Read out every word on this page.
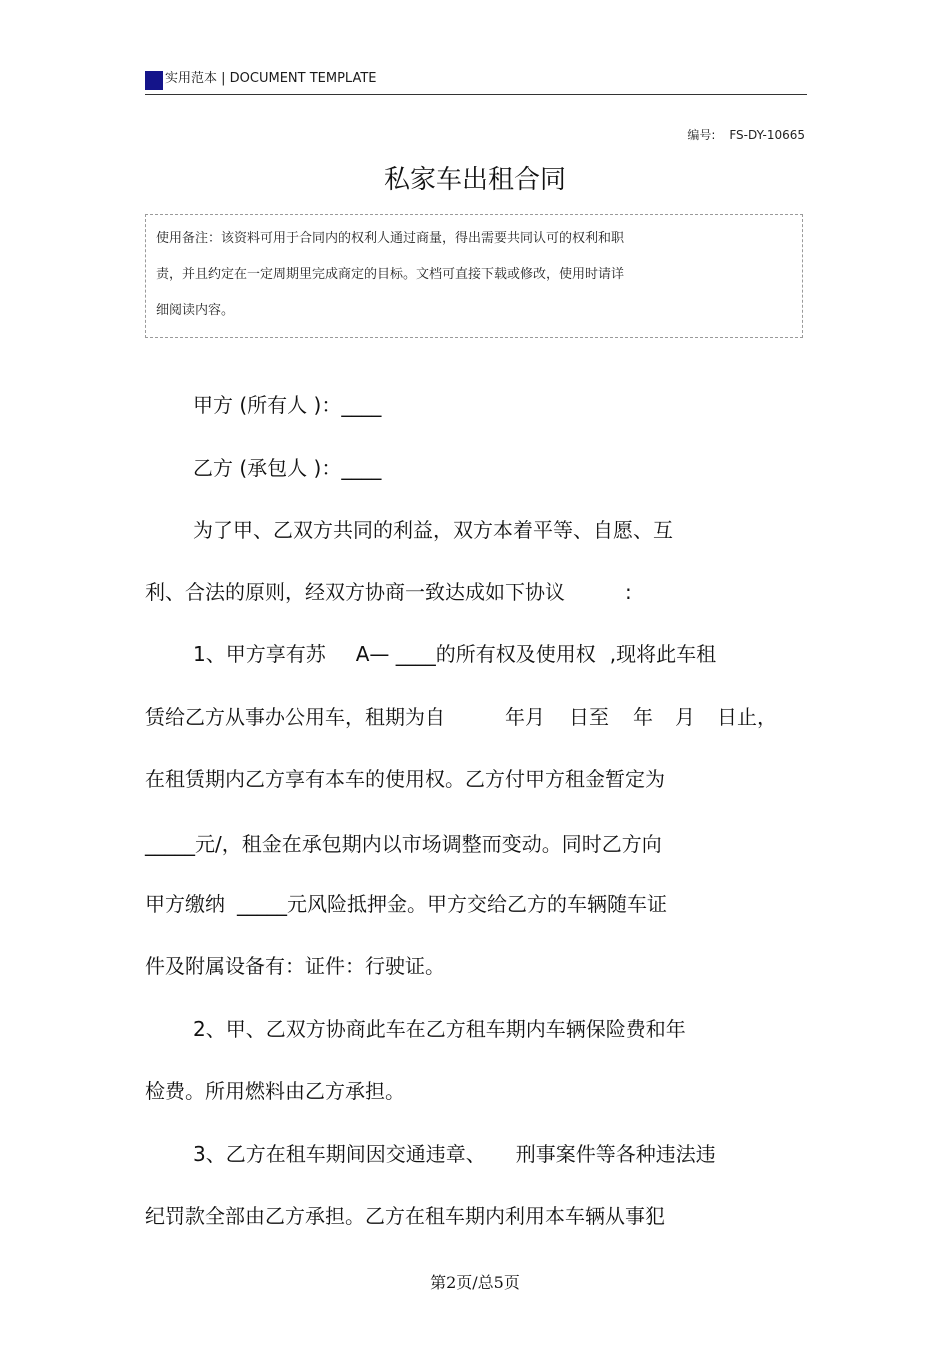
实用范本 | DOCUMENT TEMPLATE
编号: FS-DY-10665
私家车出租合同
使用备注：该资料可用于合同内的权利人通过商量，得出需要共同认可的权利和职
责，并且约定在一定周期里完成商定的目标。文档可直接下载或修改，使用时请详
细阅读内容。
甲方 (所有人 )：____
乙方 (承包人 )：____
为了甲、乙双方共同的利益，双方本着平等、自愿、互
利、合法的原则，经双方协商一致达成如下协议	:
1、甲方享有苏 A— ____的所有权及使用权 ,现将此车租
赁给乙方从事办公用车，租期为自	年月 日至 年 月 日止，
在租赁期内乙方享有本车的使用权。乙方付甲方租金暂定为
_____元/，租金在承包期内以市场调整而变动。同时乙方向
甲方缴纳 _____元风险抵押金。甲方交给乙方的车辆随车证
件及附属设备有：证件：行驶证。
2、甲、乙双方协商此车在乙方租车期内车辆保险费和年
检费。所用燃料由乙方承担。
3、乙方在租车期间因交通违章、 刑事案件等各种违法违
纪罚款全部由乙方承担。乙方在租车期内利用本车辆从事犯
第2页/总5页
